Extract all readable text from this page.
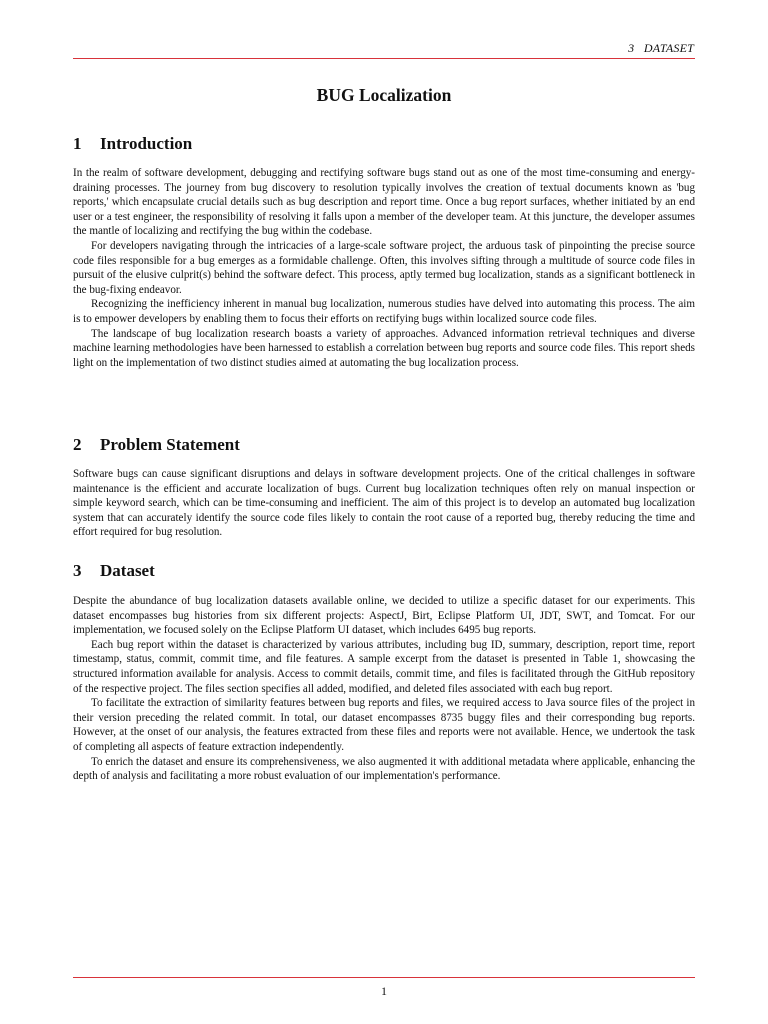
3 DATASET
BUG Localization
1 Introduction

In the realm of software development, debugging and rectifying software bugs stand out as one of the most time-consuming and energy-draining processes. The journey from bug discovery to resolution typically involves the creation of textual documents known as 'bug reports,' which encapsulate crucial details such as bug description and report time. Once a bug report surfaces, whether initiated by an end user or a test engineer, the responsibility of resolving it falls upon a member of the developer team. At this juncture, the developer assumes the mantle of localizing and rectifying the bug within the codebase.

For developers navigating through the intricacies of a large-scale software project, the arduous task of pinpointing the precise source code files responsible for a bug emerges as a formidable challenge. Often, this involves sifting through a multitude of source code files in pursuit of the elusive culprit(s) behind the software defect. This process, aptly termed bug localization, stands as a significant bottleneck in the bug-fixing endeavor.

Recognizing the inefficiency inherent in manual bug localization, numerous studies have delved into automating this process. The aim is to empower developers by enabling them to focus their efforts on rectifying bugs within localized source code files.

The landscape of bug localization research boasts a variety of approaches. Advanced information retrieval techniques and diverse machine learning methodologies have been harnessed to establish a correlation between bug reports and source code files. This report sheds light on the implementation of two distinct studies aimed at automating the bug localization process.

2 Problem Statement

Software bugs can cause significant disruptions and delays in software development projects. One of the critical challenges in software maintenance is the efficient and accurate localization of bugs. Current bug localization techniques often rely on manual inspection or simple keyword search, which can be time-consuming and inefficient. The aim of this project is to develop an automated bug localization system that can accurately identify the source code files likely to contain the root cause of a reported bug, thereby reducing the time and effort required for bug resolution.

3 Dataset

Despite the abundance of bug localization datasets available online, we decided to utilize a specific dataset for our experiments. This dataset encompasses bug histories from six different projects: AspectJ, Birt, Eclipse Platform UI, JDT, SWT, and Tomcat. For our implementation, we focused solely on the Eclipse Platform UI dataset, which includes 6495 bug reports.

Each bug report within the dataset is characterized by various attributes, including bug ID, summary, description, report time, report timestamp, status, commit, commit time, and file features. A sample excerpt from the dataset is presented in Table 1, showcasing the structured information available for analysis. Access to commit details, commit time, and files is facilitated through the GitHub repository of the respective project. The files section specifies all added, modified, and deleted files associated with each bug report.

To facilitate the extraction of similarity features between bug reports and files, we required access to Java source files of the project in their version preceding the related commit. In total, our dataset encompasses 8735 buggy files and their corresponding bug reports. However, at the onset of our analysis, the features extracted from these files and reports were not available. Hence, we undertook the task of completing all aspects of feature extraction independently.

To enrich the dataset and ensure its comprehensiveness, we also augmented it with additional metadata where applicable, enhancing the depth of analysis and facilitating a more robust evaluation of our implementation's performance.

1
